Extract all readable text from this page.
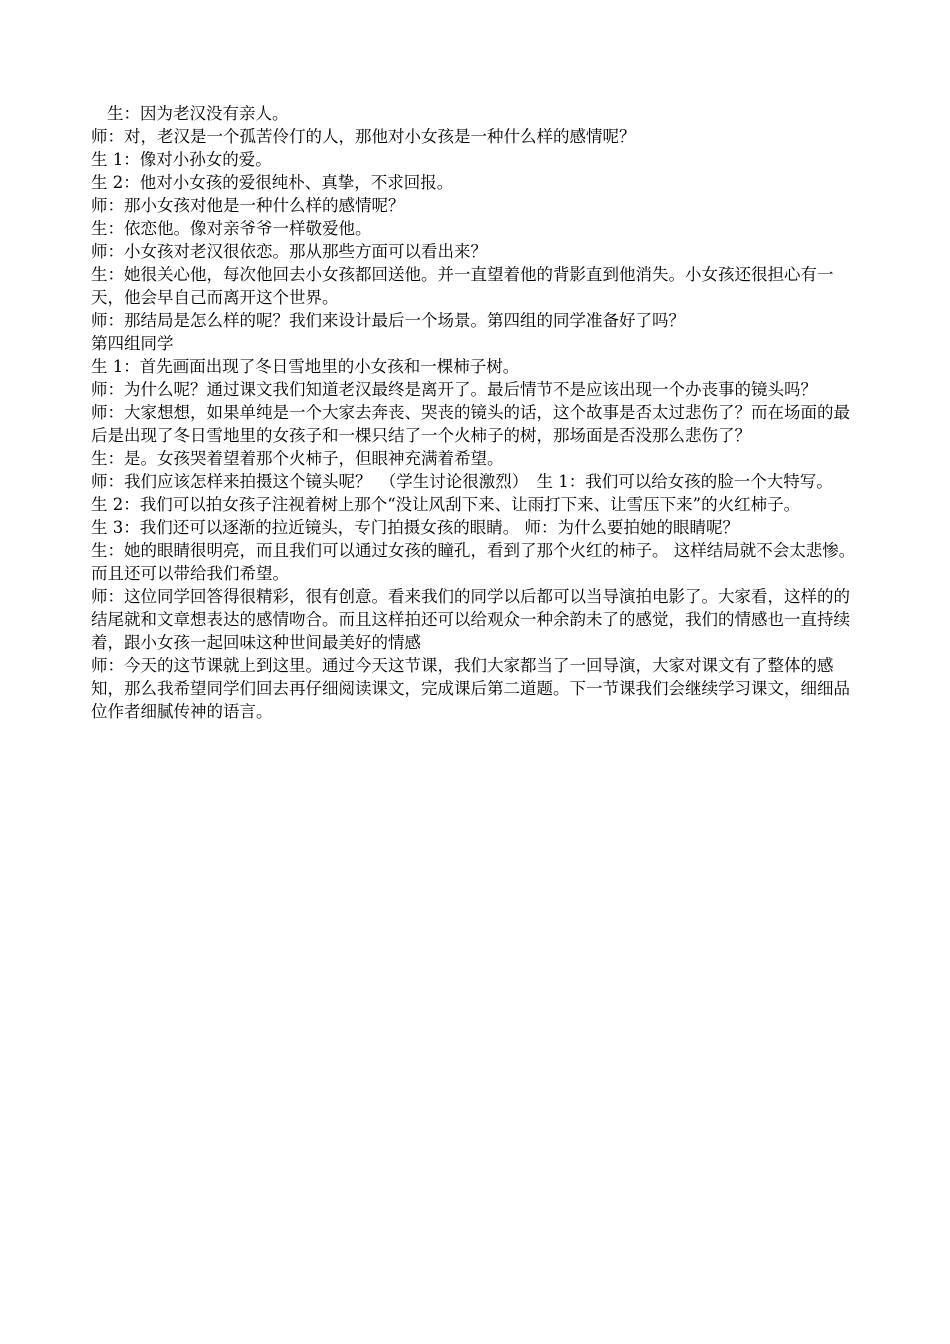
生：因为老汉没有亲人。

师：对，老汉是一个孤苦伶仃的人，那他对小女孩是一种什么样的感情呢？

生 1：像对小孙女的爱。

生 2：他对小女孩的爱很纯朴、真挚，不求回报。

师：那小女孩对他是一种什么样的感情呢？

生：依恋他。像对亲爷爷一样敬爱他。

师：小女孩对老汉很依恋。那从那些方面可以看出来？

生：她很关心他，每次他回去小女孩都回送他。并一直望着他的背影直到他消失。小女孩还很担心有一天，他会早自己而离开这个世界。

师：那结局是怎么样的呢？我们来设计最后一个场景。第四组的同学准备好了吗？

第四组同学

生 1：首先画面出现了冬日雪地里的小女孩和一棵柿子树。

师：为什么呢？通过课文我们知道老汉最终是离开了。最后情节不是应该出现一个办丧事的镜头吗？

师：大家想想，如果单纯是一个大家去奔丧、哭丧的镜头的话，这个故事是否太过悲伤了？而在场面的最后是出现了冬日雪地里的女孩子和一棵只结了一个火柿子的树，那场面是否没那么悲伤了？

生：是。女孩哭着望着那个火柿子，但眼神充满着希望。

师：我们应该怎样来拍摄这个镜头呢？　（学生讨论很激烈）　生 1：我们可以给女孩的脸一个大特写。

生 2：我们可以拍女孩子注视着树上那个“没让风刮下来、让雨打下来、让雪压下来”的火红柿子。

生 3：我们还可以逐渐的拉近镜头，专门拍摄女孩的眼睛。 师：为什么要拍她的眼睛呢？

生：她的眼睛很明亮，而且我们可以通过女孩的瞳孔，看到了那个火红的柿子。 这样结局就不会太悲惨。而且还可以带给我们希望。

师：这位同学回答得很精彩，很有创意。看来我们的同学以后都可以当导演拍电影了。大家看，这样的的结尾就和文章想表达的感情吻合。而且这样拍还可以给观众一种余韵未了的感觉，我们的情感也一直持续着，跟小女孩一起回味这种世间最美好的情感

师：今天的这节课就上到这里。通过今天这节课，我们大家都当了一回导演，大家对课文有了整体的感知，那么我希望同学们回去再仔细阅读课文，完成课后第二道题。下一节课我们会继续学习课文，细细品位作者细腻传神的语言。
